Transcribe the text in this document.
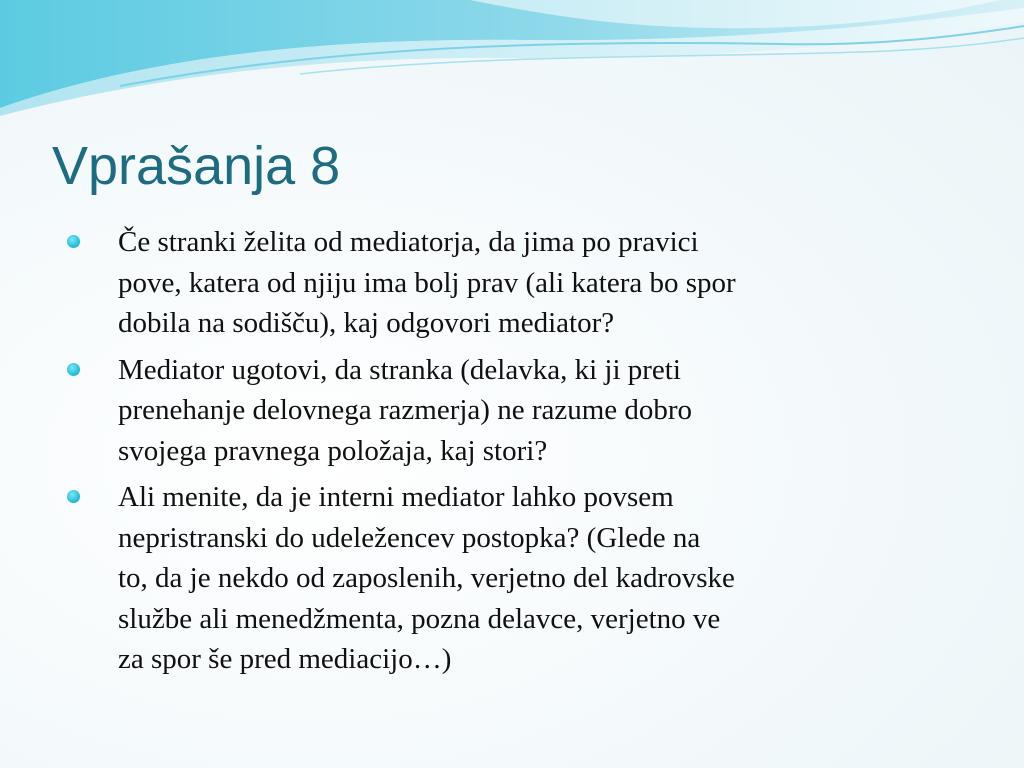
Vprašanja 8
Če stranki želita od mediatorja, da jima po pravici
pove, katera od njiju ima bolj prav (ali katera bo spor
dobila na sodišču), kaj odgovori mediator?
Mediator ugotovi, da stranka (delavka, ki ji preti
prenehanje delovnega razmerja) ne razume dobro
svojega pravnega položaja, kaj stori?
Ali menite, da je interni mediator lahko povsem
nepristranski do udeležencev postopka? (Glede na
to, da je nekdo od zaposlenih, verjetno del kadrovske
službe ali menedžmenta, pozna delavce, verjetno ve
za spor še pred mediacijo…)
